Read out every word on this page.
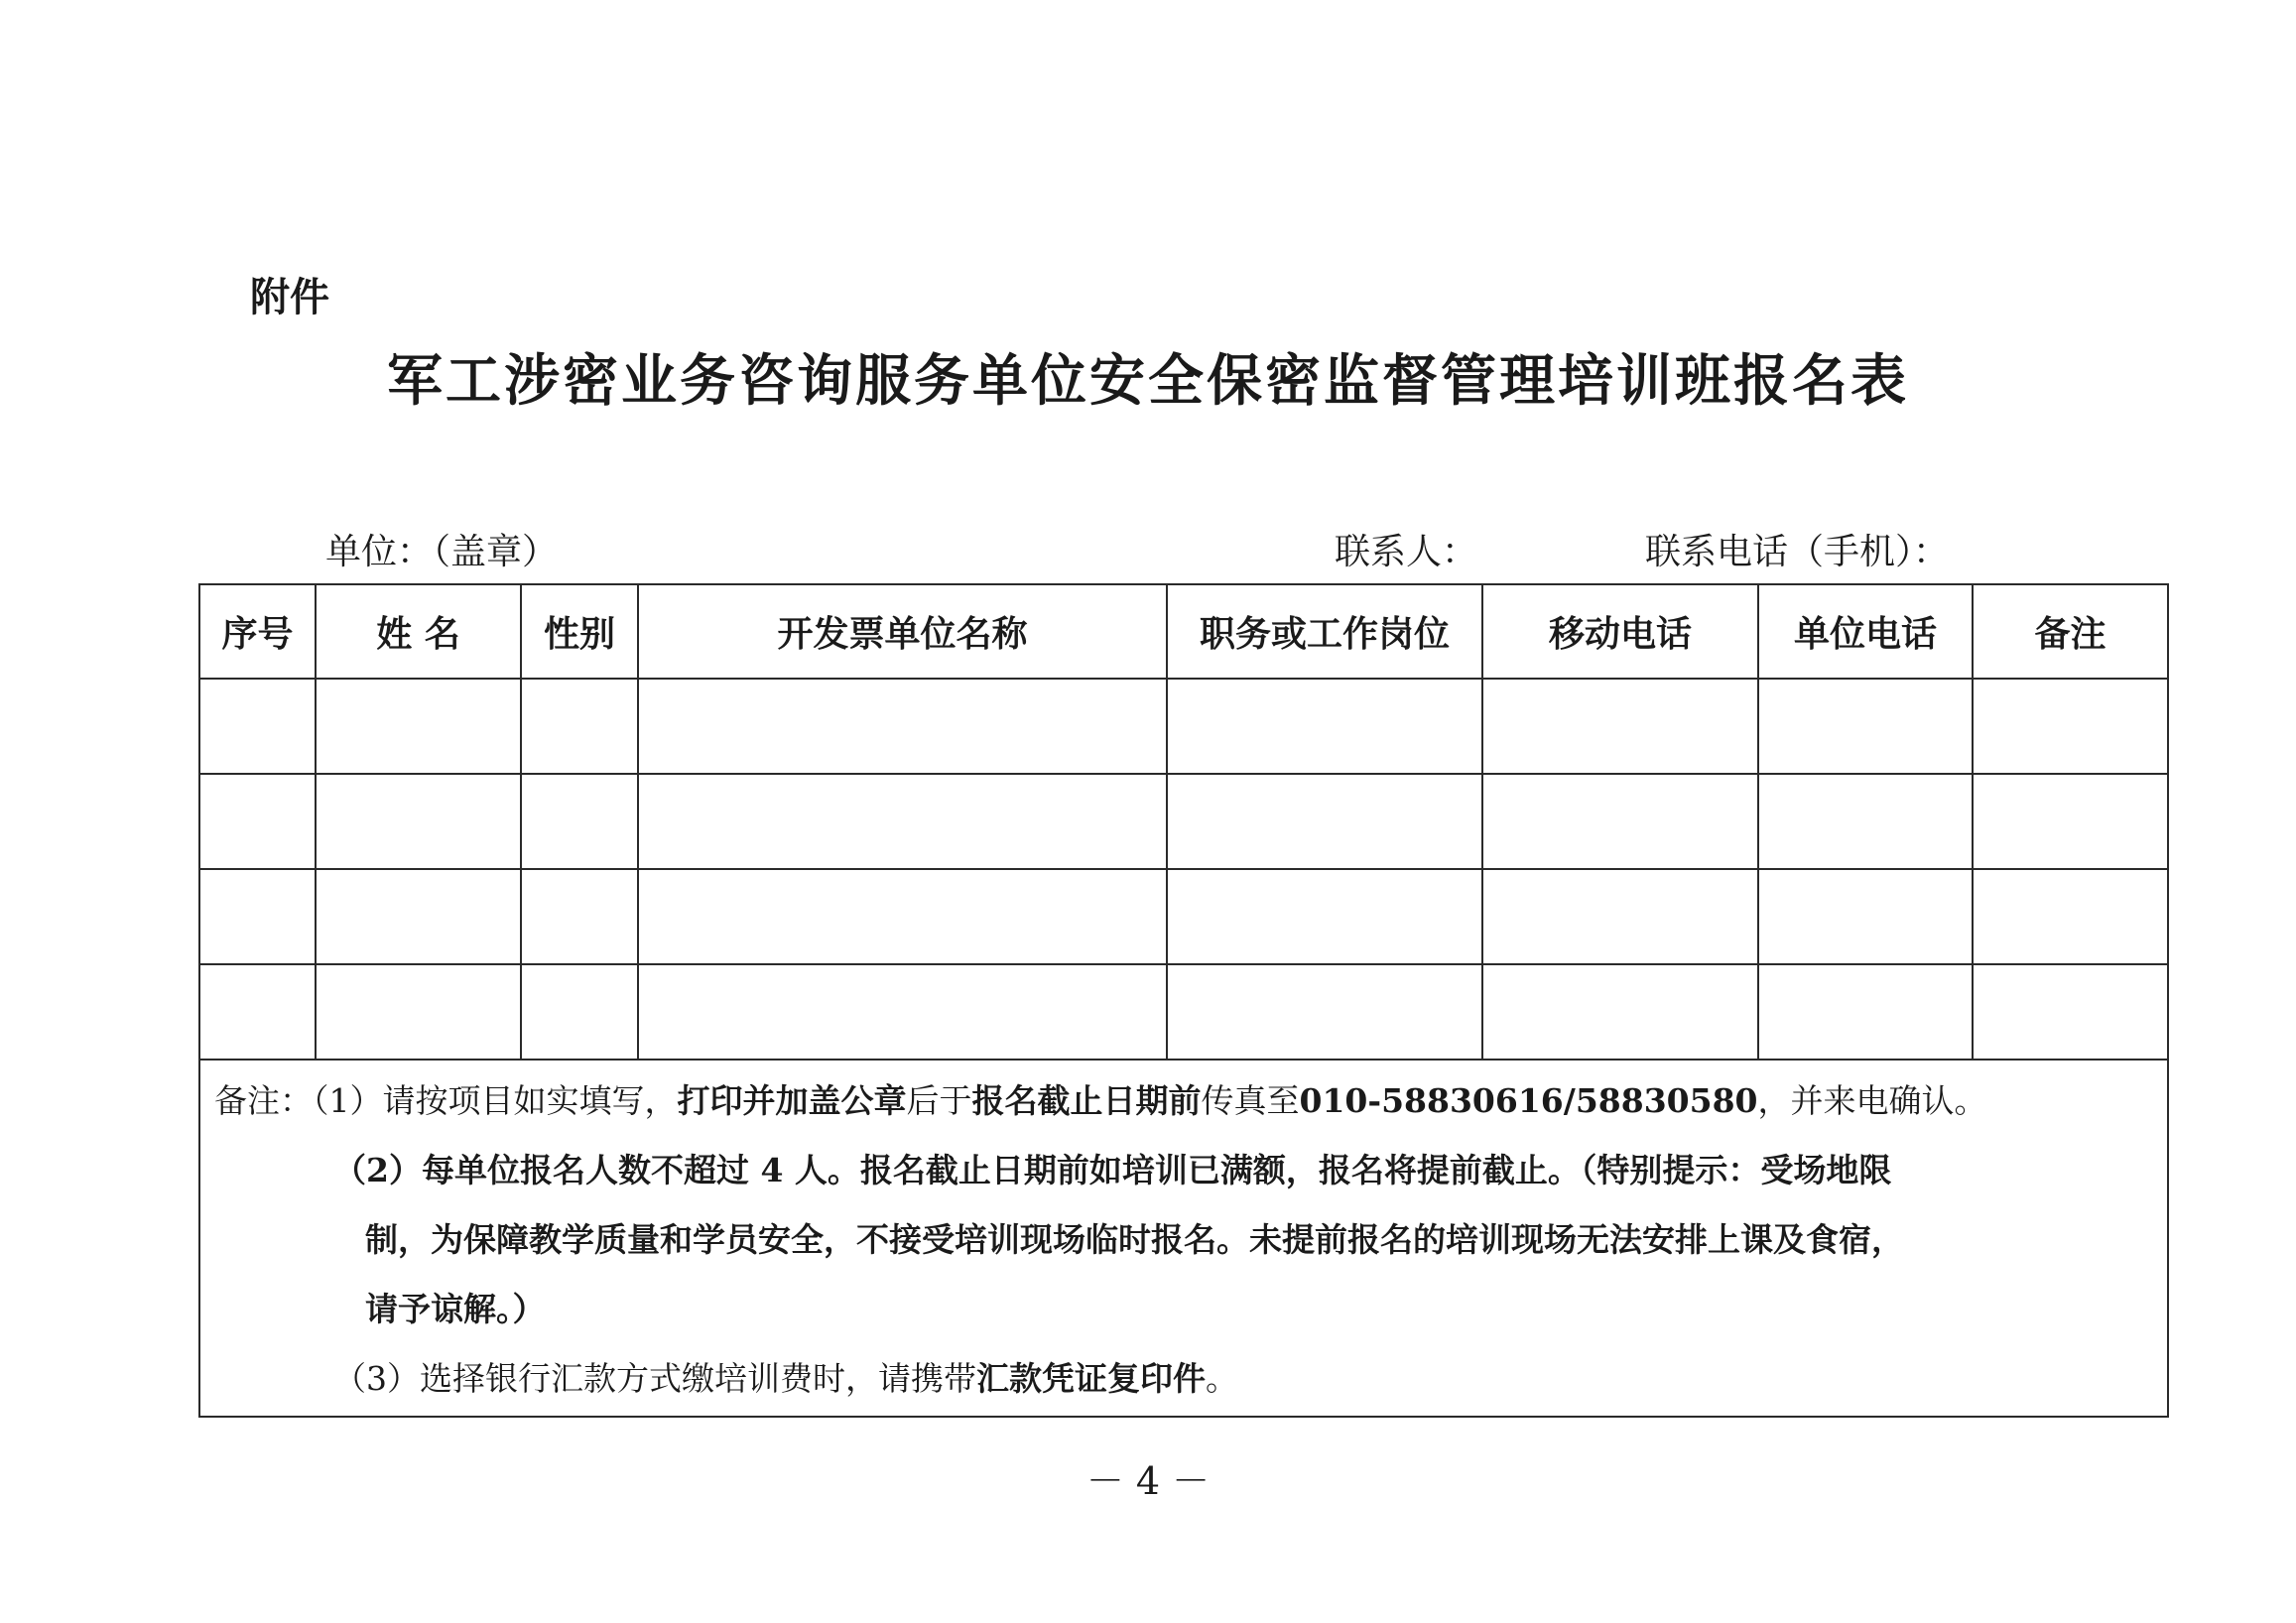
附件
军工涉密业务咨询服务单位安全保密监督管理培训班报名表
单位：（盖章）	联系人：	联系电话（手机）：
序号	姓 名	性别	开发票单位名称	职务或工作岗位	移动电话	单位电话	备注

备注：（1）请按项目如实填写，打印并加盖公章后于报名截止日期前传真至010-58830616/58830580，并来电确认。
（2）每单位报名人数不超过 4 人。报名截止日期前如培训已满额，报名将提前截止。（特别提示：受场地限
制，为保障教学质量和学员安全，不接受培训现场临时报名。未提前报名的培训现场无法安排上课及食宿，
请予谅解。）
（3）选择银行汇款方式缴培训费时，请携带汇款凭证复印件。							
－ 4 －
